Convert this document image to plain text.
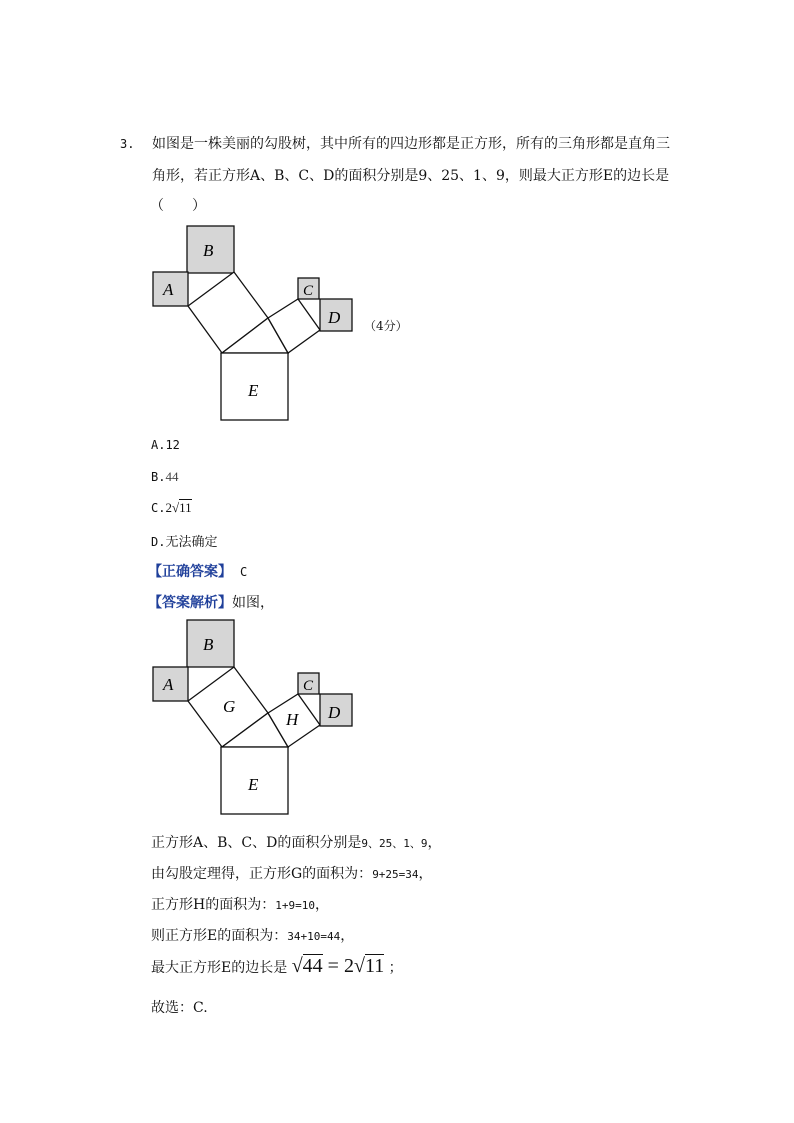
3. 如图是一株美丽的勾股树，其中所有的四边形都是正方形，所有的三角形都是直角三
角形，若正方形A、B、C、D的面积分别是9、25、1、9，则最大正方形E的边长是
（　　）
B
A	C
D
E
（4分）
A.12
B.44
C.2√11
D.无法确定
【正确答案】 C
【答案解析】如图，
B
A
G
H
C
D
E
正方形A、B、C、D的面积分别是9、25、1、9，
由勾股定理得，正方形G的面积为：9+25=34，
正方形H的面积为：1+9=10，
则正方形E的面积为：34+10=44，
最大正方形E的边长是 √44 = 2√11 ；
故选：C.
